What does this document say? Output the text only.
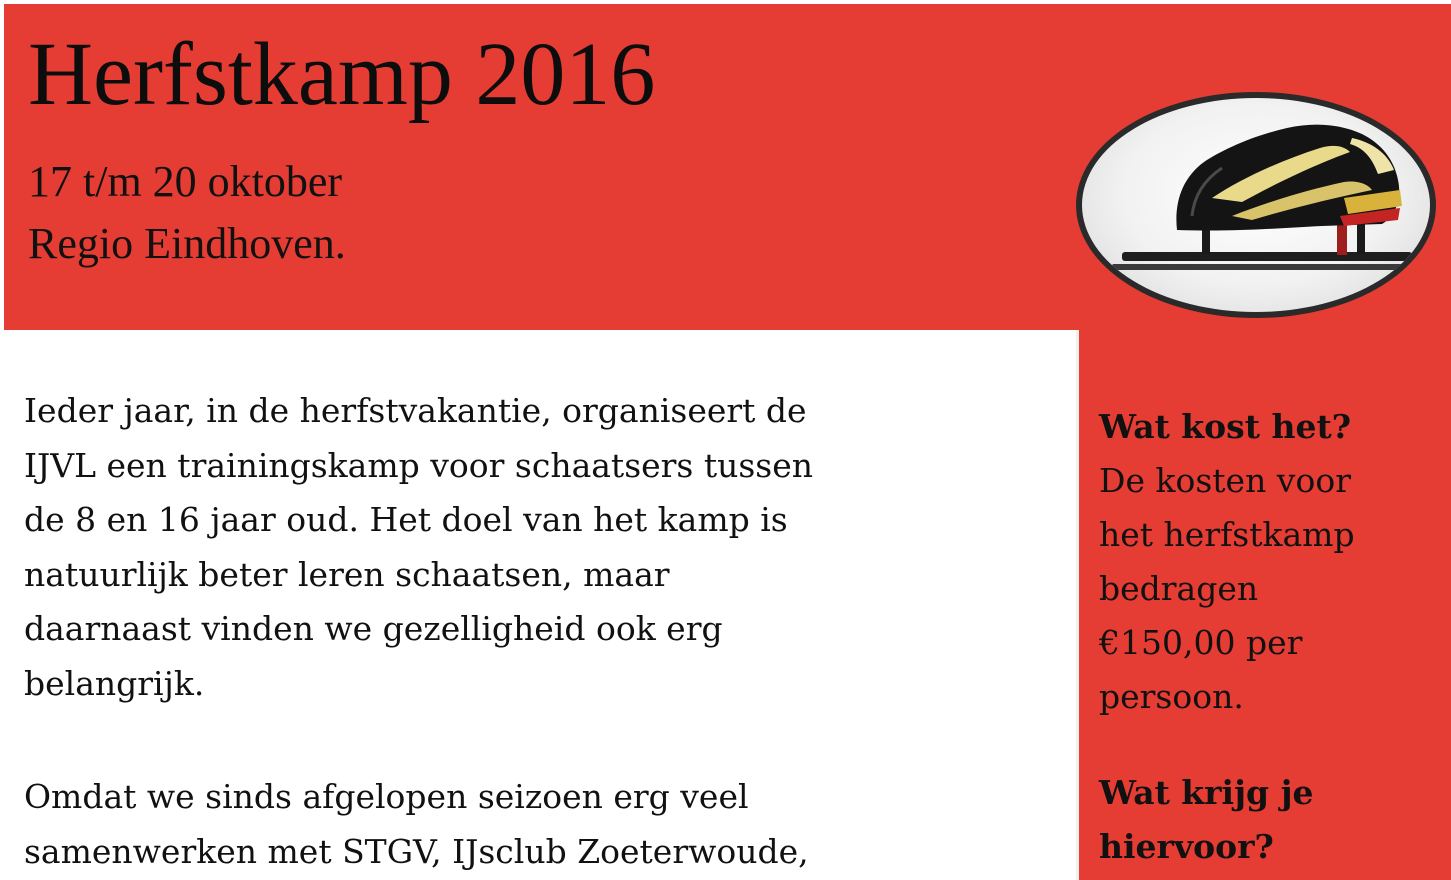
Herfstkamp 2016
17 t/m 20 oktober
Regio Eindhoven.
Wat kost het?
De kosten voor
het herfstkamp
bedragen
€150,00 per
persoon.
Wat krijg je
hiervoor?
Ieder jaar, in de herfstvakantie, organiseert de
IJVL een trainingskamp voor schaatsers tussen
de 8 en 16 jaar oud. Het doel van het kamp is
natuurlijk beter leren schaatsen, maar
daarnaast vinden we gezelligheid ook erg
belangrijk.
Omdat we sinds afgelopen seizoen erg veel
samenwerken met STGV, IJsclub Zoeterwoude,
